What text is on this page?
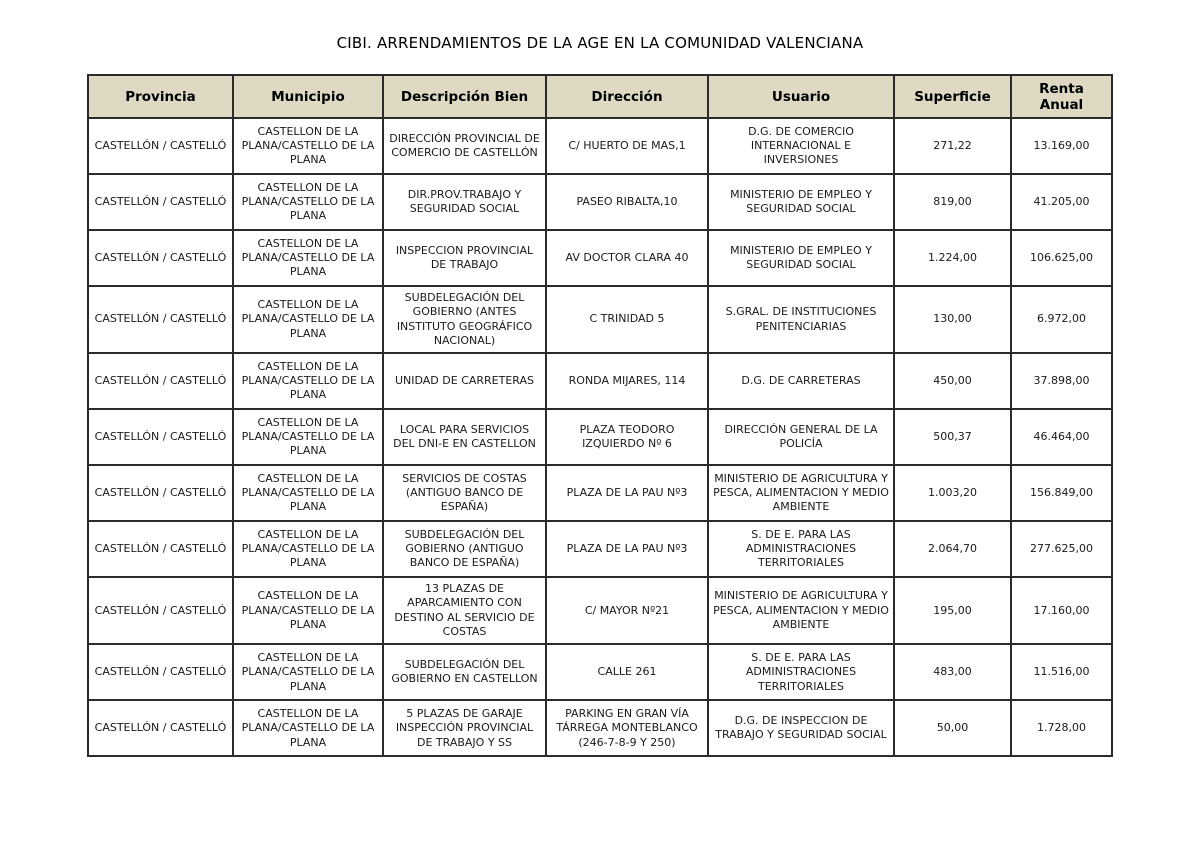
CIBI. ARRENDAMIENTOS DE LA AGE EN LA COMUNIDAD VALENCIANA
Provincia	Municipio	Descripción Bien	Dirección	Usuario	Superficie	Renta Anual
CASTELLÓN / CASTELLÓ	CASTELLON DE LA PLANA/CASTELLO DE LA PLANA	DIRECCIÓN PROVINCIAL DE COMERCIO DE CASTELLÓN	C/ HUERTO DE MAS,1	D.G. DE COMERCIO INTERNACIONAL E INVERSIONES	271,22	13.169,00
CASTELLÓN / CASTELLÓ	CASTELLON DE LA PLANA/CASTELLO DE LA PLANA	DIR.PROV.TRABAJO Y SEGURIDAD SOCIAL	PASEO RIBALTA,10	MINISTERIO DE EMPLEO Y SEGURIDAD SOCIAL	819,00	41.205,00
CASTELLÓN / CASTELLÓ	CASTELLON DE LA PLANA/CASTELLO DE LA PLANA	INSPECCION PROVINCIAL DE TRABAJO	AV DOCTOR CLARA 40	MINISTERIO DE EMPLEO Y SEGURIDAD SOCIAL	1.224,00	106.625,00
CASTELLÓN / CASTELLÓ	CASTELLON DE LA PLANA/CASTELLO DE LA PLANA	SUBDELEGACIÓN DEL GOBIERNO (ANTES INSTITUTO GEOGRÁFICO NACIONAL)	C TRINIDAD 5	S.GRAL. DE INSTITUCIONES PENITENCIARIAS	130,00	6.972,00
CASTELLÓN / CASTELLÓ	CASTELLON DE LA PLANA/CASTELLO DE LA PLANA	UNIDAD DE CARRETERAS	RONDA MIJARES, 114	D.G. DE CARRETERAS	450,00	37.898,00
CASTELLÓN / CASTELLÓ	CASTELLON DE LA PLANA/CASTELLO DE LA PLANA	LOCAL PARA SERVICIOS DEL DNI-E EN CASTELLON	PLAZA TEODORO IZQUIERDO Nº 6	DIRECCIÓN GENERAL DE LA POLICÍA	500,37	46.464,00
CASTELLÓN / CASTELLÓ	CASTELLON DE LA PLANA/CASTELLO DE LA PLANA	SERVICIOS DE COSTAS (ANTIGUO BANCO DE ESPAÑA)	PLAZA DE LA PAU Nº3	MINISTERIO DE AGRICULTURA Y PESCA, ALIMENTACION Y MEDIO AMBIENTE	1.003,20	156.849,00
CASTELLÓN / CASTELLÓ	CASTELLON DE LA PLANA/CASTELLO DE LA PLANA	SUBDELEGACIÓN DEL GOBIERNO (ANTIGUO BANCO DE ESPAÑA)	PLAZA DE LA PAU Nº3	S. DE E. PARA LAS ADMINISTRACIONES TERRITORIALES	2.064,70	277.625,00
CASTELLÓN / CASTELLÓ	CASTELLON DE LA PLANA/CASTELLO DE LA PLANA	13 PLAZAS DE APARCAMIENTO CON DESTINO AL SERVICIO DE COSTAS	C/ MAYOR Nº21	MINISTERIO DE AGRICULTURA Y PESCA, ALIMENTACION Y MEDIO AMBIENTE	195,00	17.160,00
CASTELLÓN / CASTELLÓ	CASTELLON DE LA PLANA/CASTELLO DE LA PLANA	SUBDELEGACIÓN DEL GOBIERNO EN CASTELLON	CALLE 261	S. DE E. PARA LAS ADMINISTRACIONES TERRITORIALES	483,00	11.516,00
CASTELLÓN / CASTELLÓ	CASTELLON DE LA PLANA/CASTELLO DE LA PLANA	5 PLAZAS DE GARAJE INSPECCIÓN PROVINCIAL DE TRABAJO Y SS	PARKING EN GRAN VÍA TÁRREGA MONTEBLANCO (246-7-8-9 Y 250)	D.G. DE INSPECCION DE TRABAJO Y SEGURIDAD SOCIAL	50,00	1.728,00
